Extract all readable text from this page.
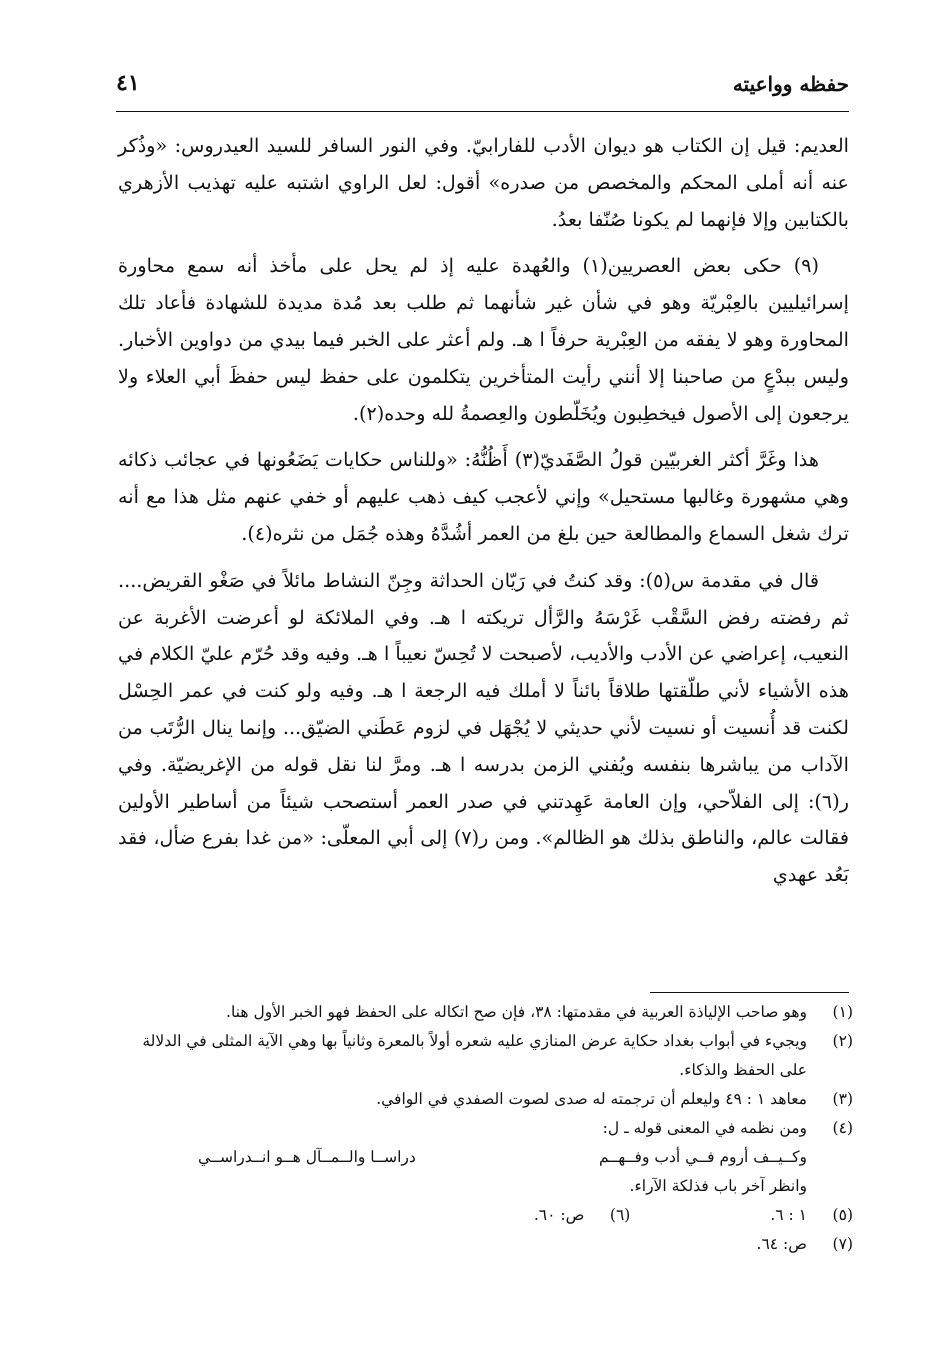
حفظه وواعيته
٤١

العديم: قيل إن الكتاب هو ديوان الأدب للفارابيّ. وفي النور السافر للسيد العيدروس: «وذُكر عنه أنه أملى المحكم والمخصص من صدره» أقول: لعل الراوي اشتبه عليه تهذيب الأزهري بالكتابين وإلا فإنهما لم يكونا صُنّفا بعدُ.

(٩) حكى بعض العصريين(١) والعُهدة عليه إذ لم يحل على مأخذ أنه سمع محاورة إسرائيليين بالعِبْريّة وهو في شأن غير شأنهما ثم طلب بعد مُدة مديدة للشهادة فأعاد تلك المحاورة وهو لا يفقه من العِبْرية حرفاً ا هـ. ولم أعثر على الخبر فيما بيدي من دواوين الأخبار. وليس ببدْعٍ من صاحبنا إلا أنني رأيت المتأخرين يتكلمون على حفظ ليس حفظَ أبي العلاء ولا يرجعون إلى الأصول فيخطِبون ويُخَلّطون والعِصمةُ لله وحده(٢).

هذا وغَرَّ أكثر الغربيّين قولُ الصَّفَديّ(٣) أَظُنُّهُ: «وللناس حكايات يَضَعُونها في عجائب ذكائه وهي مشهورة وغالبها مستحيل» وإني لأعجب كيف ذهب عليهم أو خفي عنهم مثل هذا مع أنه ترك شغل السماع والمطالعة حين بلغ من العمر أشُدَّهُ وهذه جُمَل من نثره(٤).

قال في مقدمة س(٥): وقد كنتُ في رَيّان الحداثة وجِنّ النشاط مائلاً في صَغْو القريض.... ثم رفضته رفض السَّقْب غَرْسَهُ والرَّأل تريكته ا هـ. وفي الملائكة لو أعرضت الأغربة عن النعيب، إعراضي عن الأدب والأديب، لأصبحت لا تُحِسّ نعيباً ا هـ. وفيه وقد حُرّم عليّ الكلام في هذه الأشياء لأني طلّقتها طلاقاً بائناً لا أملك فيه الرجعة ا هـ. وفيه ولو كنت في عمر الحِسْل لكنت قد أُنسيت أو نسيت لأني حديثي لا يُجْهَل في لزوم عَطَني الضيّق... وإنما ينال الرُّتَب من الآداب من يباشرها بنفسه ويُفني الزمن بدرسه ا هـ. ومرَّ لنا نقل قوله من الإغريضيّة. وفي ر(٦): إلى الفلاّحي، وإن العامة عَهِدتني في صدر العمر أستصحب شيئاً من أساطير الأولين فقالت عالم، والناطق بذلك هو الظالم». ومن ر(٧) إلى أبي المعلّى: «من غدا بفرع ضأل، فقد بَعُد عهدي

(١)
وهو صاحب الإلياذة العربية في مقدمتها: ٣٨، فإن صح اتكاله على الحفظ فهو الخبر الأول هنا.
(٢)
ويجيء في أبواب بغداد حكاية عرض المنازي عليه شعره أولاً بالمعرة وثانياً بها وهي الآية المثلى في الدلالة على الحفظ والذكاء.
(٣)
معاهد ١ : ٤٩ وليعلم أن ترجمته له صدى لصوت الصفدي في الوافي.
(٤)
ومن نظمه في المعنى قوله ـ ل:
وكــيــف أروم فــي أدب وفــهــم
دراســا والــمــآل هــو انــدراســي
وانظر آخر باب فذلكة الآراء.
(٥)
١ : ٦.
(٦)
ص: ٦٠.
(٧)
ص: ٦٤.
